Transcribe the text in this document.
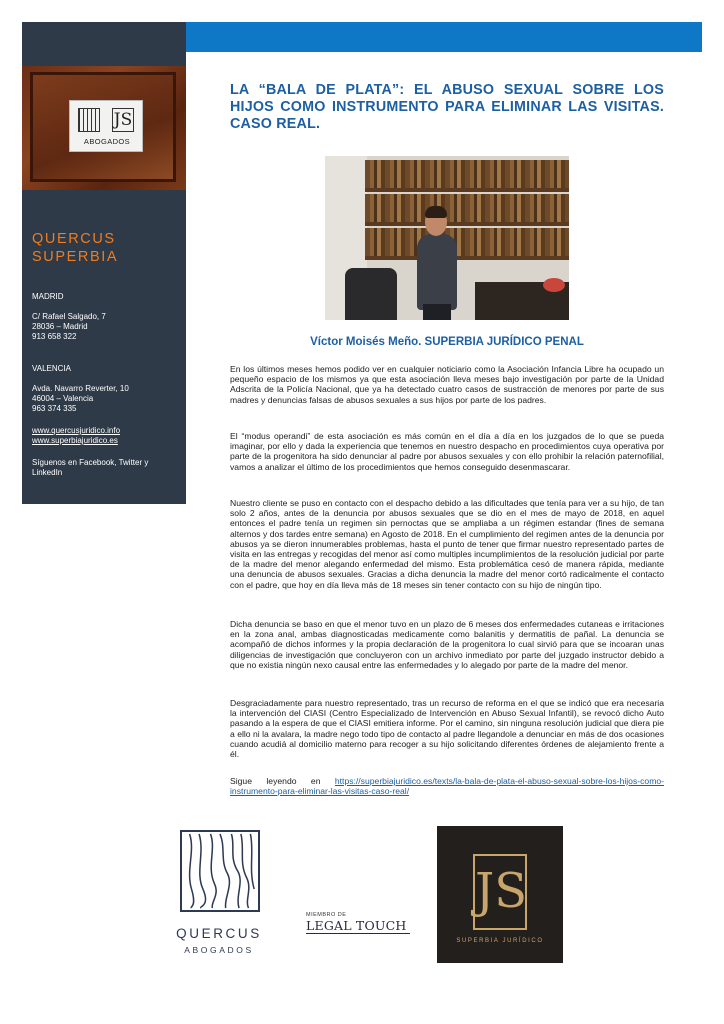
JS
ABOGADOS
QUERCUS
SUPERBIA
MADRID
C/ Rafael Salgado, 7
28036 – Madrid
913 658 322
VALENCIA
Avda. Navarro Reverter, 10
46004 – Valencia
963 374 335
www.quercusjuridico.info
www.superbiajuridico.es
Síguenos en Facebook, Twitter y
LinkedIn
LA “BALA DE PLATA”: EL ABUSO SEXUAL SOBRE LOS HIJOS COMO INSTRUMENTO PARA ELIMINAR LAS VISITAS. CASO REAL.
Víctor Moisés Meño. SUPERBIA JURÍDICO PENAL
En los últimos meses hemos podido ver en cualquier noticiario como la Asociación Infancia Libre ha ocupado un pequeño espacio de los mismos ya que esta asociación lleva meses bajo investigación por parte de la Unidad Adscrita de la Policía Nacional, que ya ha detectado cuatro casos de sustracción de menores por parte de sus madres y denuncias falsas de abusos sexuales a sus hijos por parte de los padres.
El “modus operandi” de esta asociación es más común en el día a día en los juzgados de lo que se pueda imaginar, por ello y dada la experiencia que tenemos en nuestro despacho en procedimientos cuya operativa por parte de la progenitora ha sido denunciar al padre por abusos sexuales y con ello prohibir la relación paternofilial, vamos a analizar el último de los procedimientos que hemos conseguido desenmascarar.
Nuestro cliente se puso en contacto con el despacho debido a las dificultades que tenía para ver a su hijo, de tan solo 2 años, antes de la denuncia por abusos sexuales que se dio en el mes de mayo de 2018, en aquel entonces el padre tenía un regimen sin pernoctas que se ampliaba a un régimen estandar (fines de semana alternos y dos tardes entre semana) en Agosto de 2018. En el cumplimiento del regimen antes de la denuncia por abusos ya se dieron innumerables problemas, hasta el punto de tener que firmar nuestro representado partes de visita en las entregas y recogidas del menor así como multiples incumplimientos de la resolución judicial por parte de la madre del menor alegando enfermedad del mismo. Esta problemática cesó de manera rápida, mediante una denuncia de abusos sexuales. Gracias a dicha denuncia la madre del menor cortó radicalmente el contacto con el padre, que hoy en día lleva más de 18 meses sin tener contacto con su hijo de ningún tipo.
Dicha denuncia se baso en que el menor tuvo en un plazo de 6 meses dos enfermedades cutaneas e irritaciones en la zona anal, ambas diagnosticadas medicamente como balanitis y dermatitis de pañal. La denuncia se acompañó de dichos informes y la propia declaración de la progenitora lo cual sirvió para que se incoaran unas diligencias de investigación que concluyeron con un archivo inmediato por parte del juzgado instructor debido a que no existia ningún nexo causal entre las enfermedades y lo alegado por parte de la madre del menor.
Desgraciadamente para nuestro representado, tras un recurso de reforma en el que se indicó que era necesaria la intervención del CIASI (Centro Especializado de Intervención en Abuso Sexual Infantil), se revocó dicho Auto pasando a la espera de que el CIASI emitiera informe. Por el camino, sin ninguna resolución judicial que diera pie a ello ni la avalara, la madre nego todo tipo de contacto al padre llegandole a denunciar en más de dos ocasiones cuando acudiá al domicilio materno para recoger a su hijo solicitando diferentes órdenes de alejamiento frente a él.
Sigue leyendo en https://superbiajuridico.es/texts/la-bala-de-plata-el-abuso-sexual-sobre-los-hijos-como-instrumento-para-eliminar-las-visitas-caso-real/
QUERCUS
ABOGADOS
MIEMBRO DE
LEGAL TOUCH
JS
SUPERBIA JURÍDICO
